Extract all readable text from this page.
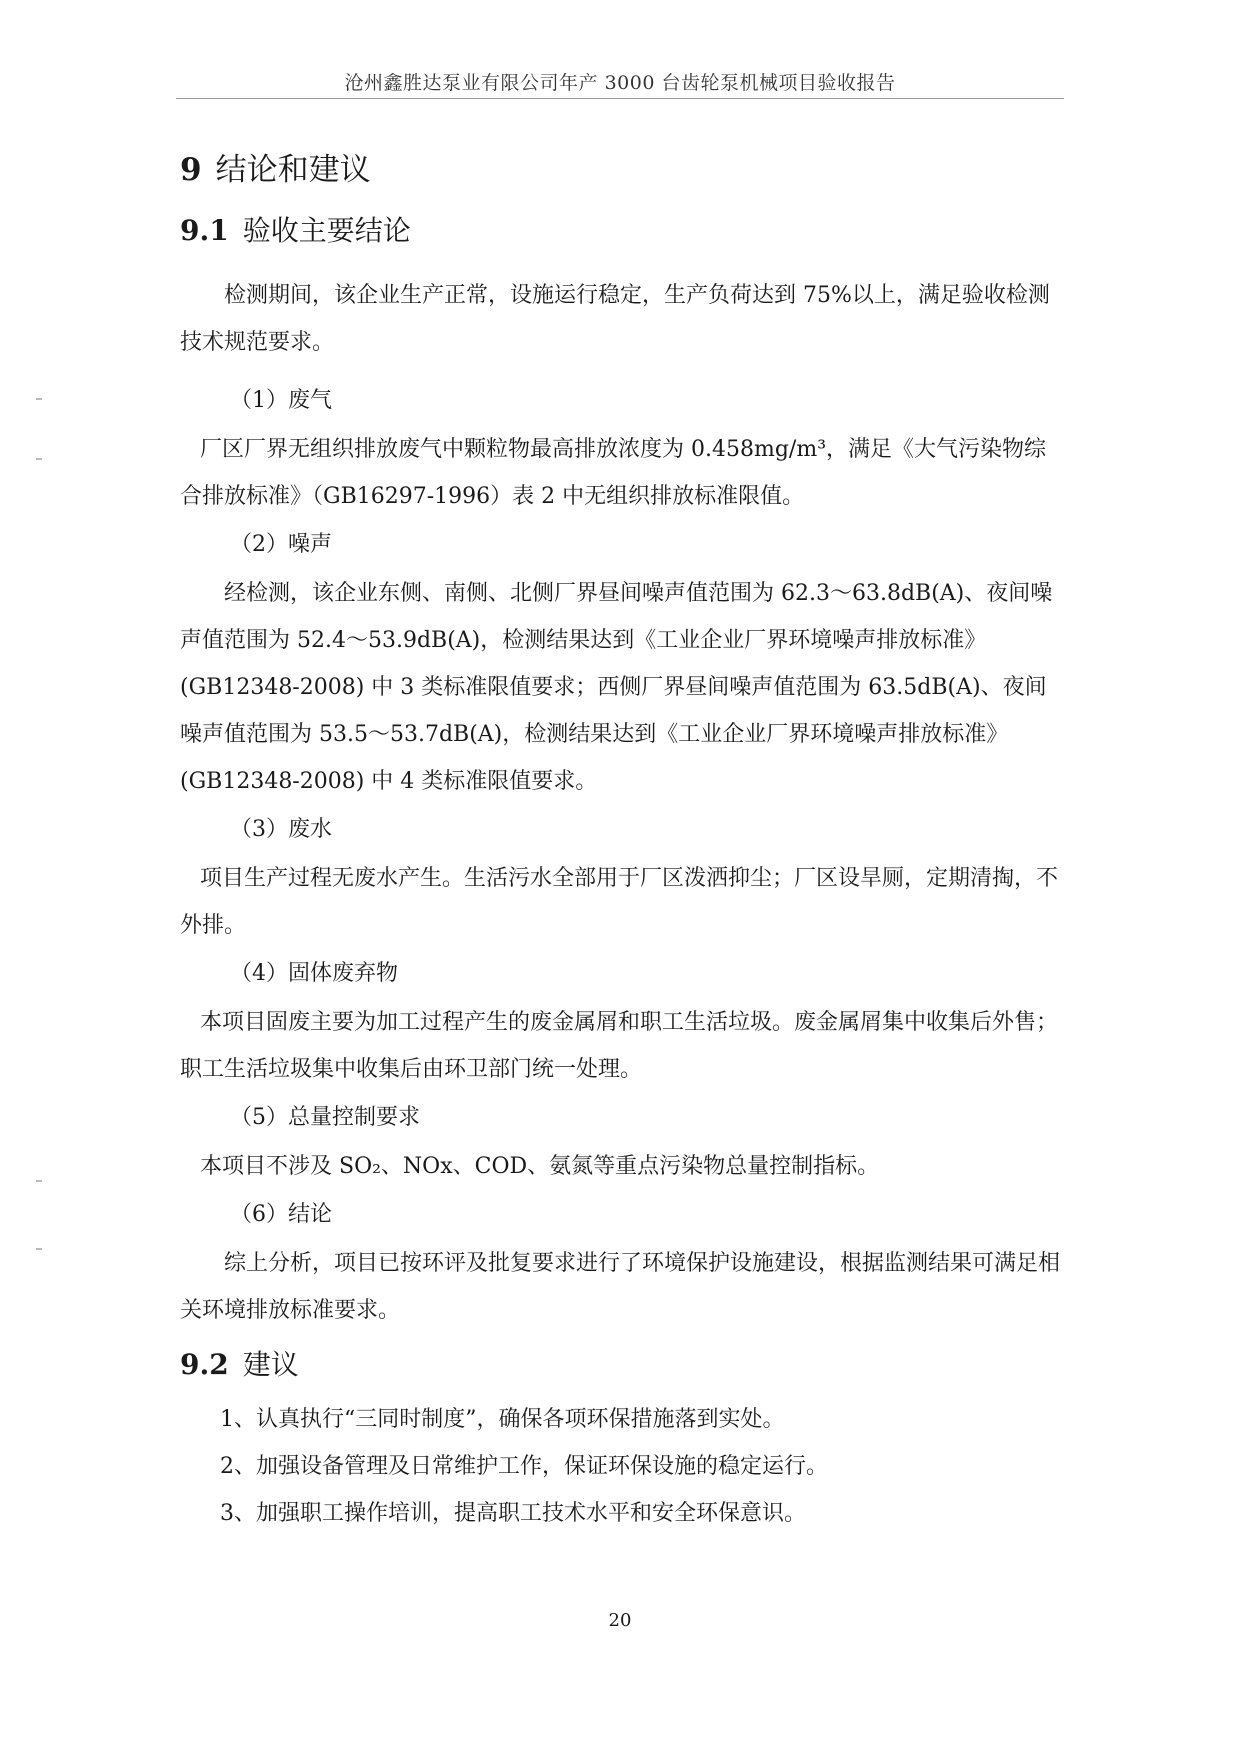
沧州鑫胜达泵业有限公司年产 3000 台齿轮泵机械项目验收报告
9 结论和建议
9.1 验收主要结论

检测期间，该企业生产正常，设施运行稳定，生产负荷达到 75%以上，满足验收检测技术规范要求。

（1）废气

厂区厂界无组织排放废气中颗粒物最高排放浓度为 0.458mg/m³，满足《大气污染物综合排放标准》（GB16297-1996）表 2 中无组织排放标准限值。

（2）噪声

经检测，该企业东侧、南侧、北侧厂界昼间噪声值范围为 62.3～63.8dB(A)、夜间噪声值范围为 52.4～53.9dB(A)，检测结果达到《工业企业厂界环境噪声排放标准》(GB12348-2008) 中 3 类标准限值要求；西侧厂界昼间噪声值范围为 63.5dB(A)、夜间噪声值范围为 53.5～53.7dB(A)，检测结果达到《工业企业厂界环境噪声排放标准》(GB12348-2008) 中 4 类标准限值要求。

（3）废水

项目生产过程无废水产生。生活污水全部用于厂区泼洒抑尘；厂区设旱厕，定期清掏，不外排。

（4）固体废弃物

本项目固废主要为加工过程产生的废金属屑和职工生活垃圾。废金属屑集中收集后外售；职工生活垃圾集中收集后由环卫部门统一处理。

（5）总量控制要求

本项目不涉及 SO₂、NOx、COD、氨氮等重点污染物总量控制指标。

（6）结论

综上分析，项目已按环评及批复要求进行了环境保护设施建设，根据监测结果可满足相关环境排放标准要求。

9.2 建议

1、认真执行“三同时制度”，确保各项环保措施落到实处。

2、加强设备管理及日常维护工作，保证环保设施的稳定运行。

3、加强职工操作培训，提高职工技术水平和安全环保意识。

20
